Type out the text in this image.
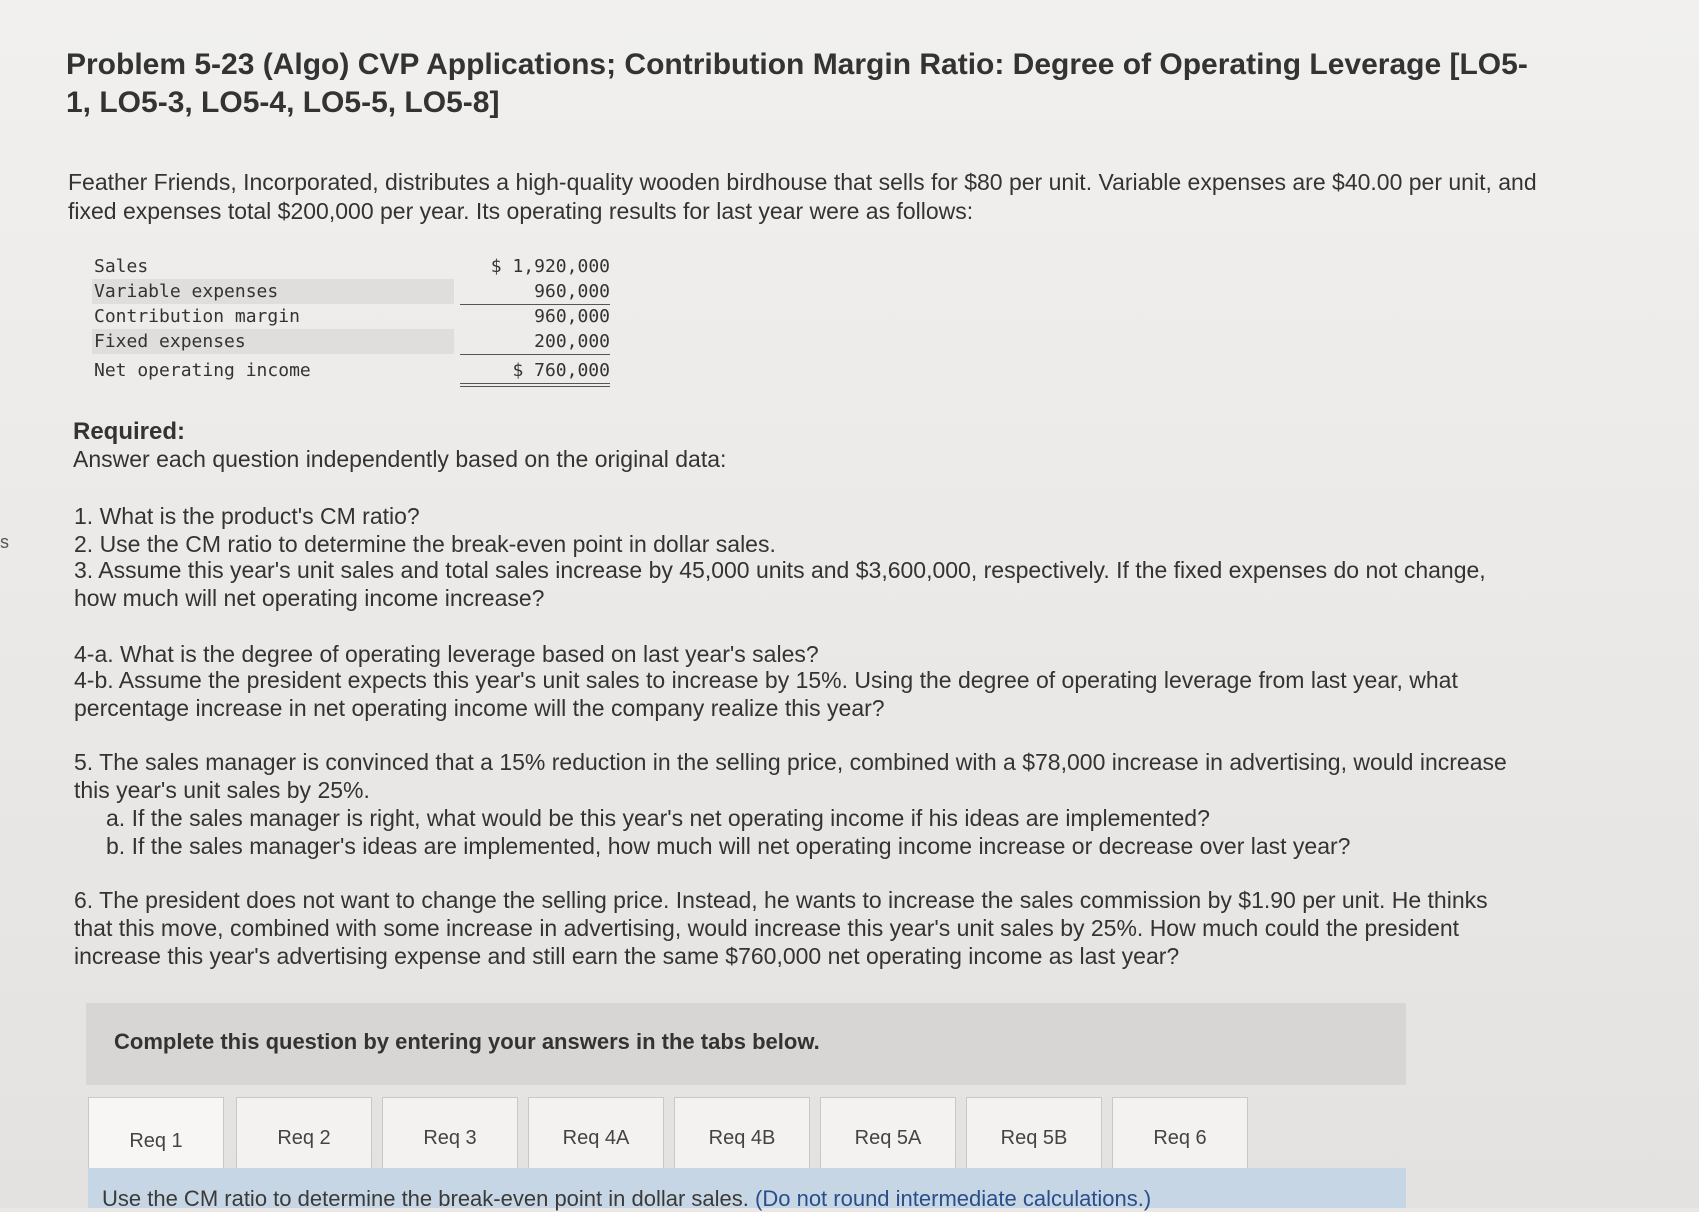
s
Problem 5-23 (Algo) CVP Applications; Contribution Margin Ratio: Degree of Operating Leverage [LO5-1, LO5-3, LO5-4, LO5-5, LO5-8]
Feather Friends, Incorporated, distributes a high-quality wooden birdhouse that sells for $80 per unit. Variable expenses are $40.00 per unit, and fixed expenses total $200,000 per year. Its operating results for last year were as follows:
Sales	$ 1,920,000
Variable expenses	960,000
Contribution margin	960,000
Fixed expenses	200,000
Net operating income	$ 760,000
Required:
Answer each question independently based on the original data:
1. What is the product's CM ratio?
2. Use the CM ratio to determine the break-even point in dollar sales.
3. Assume this year's unit sales and total sales increase by 45,000 units and $3,600,000, respectively. If the fixed expenses do not change, how much will net operating income increase?
4-a. What is the degree of operating leverage based on last year's sales?
4-b. Assume the president expects this year's unit sales to increase by 15%. Using the degree of operating leverage from last year, what percentage increase in net operating income will the company realize this year?
5. The sales manager is convinced that a 15% reduction in the selling price, combined with a $78,000 increase in advertising, would increase this year's unit sales by 25%.
a. If the sales manager is right, what would be this year's net operating income if his ideas are implemented?
b. If the sales manager's ideas are implemented, how much will net operating income increase or decrease over last year?
6. The president does not want to change the selling price. Instead, he wants to increase the sales commission by $1.90 per unit. He thinks that this move, combined with some increase in advertising, would increase this year's unit sales by 25%. How much could the president increase this year's advertising expense and still earn the same $760,000 net operating income as last year?
Complete this question by entering your answers in the tabs below.
Req 1	Req 2	Req 3	Req 4A	Req 4B	Req 5A	Req 5B	Req 6
Use the CM ratio to determine the break-even point in dollar sales. (Do not round intermediate calculations.)
